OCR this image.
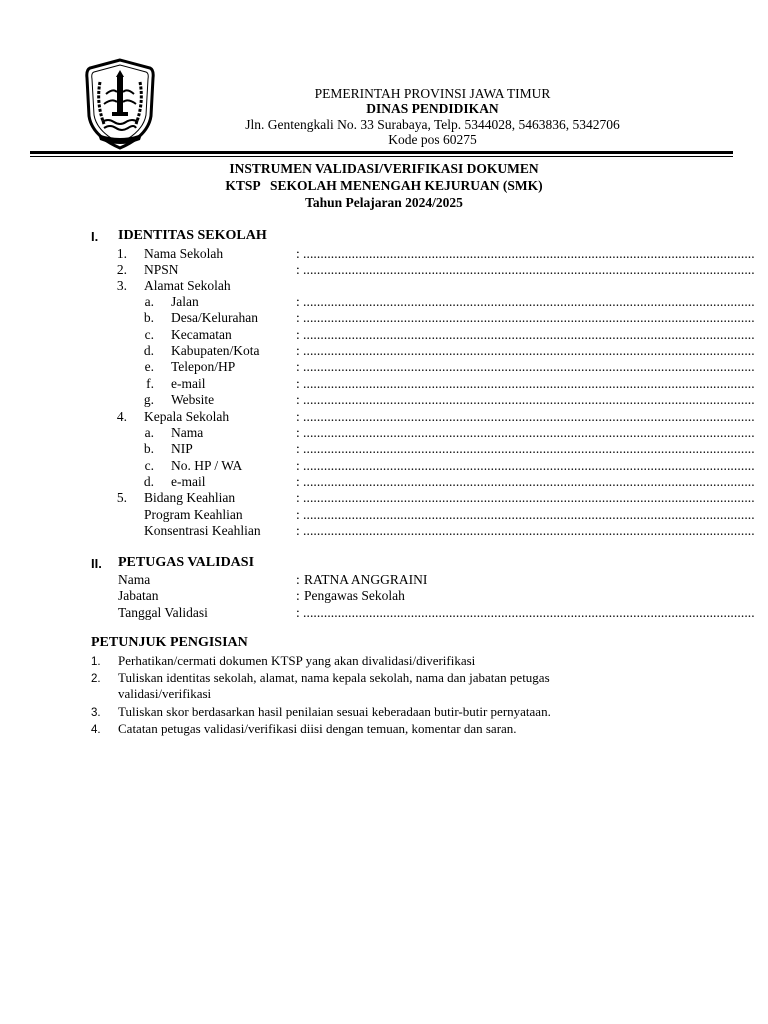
PEMERINTAH PROVINSI JAWA TIMUR
DINAS PENDIDIKAN
Jln. Gentengkali No. 33 Surabaya, Telp. 5344028, 5463836, 5342706
Kode pos 60275
INSTRUMEN VALIDASI/VERIFIKASI DOKUMEN
KTSP   SEKOLAH MENENGAH KEJURUAN (SMK)
Tahun Pelajaran 2024/2025
I. IDENTITAS SEKOLAH
1. Nama Sekolah	: ..................................................................................................................................
2. NPSN	: ..................................................................................................................................
3. Alamat Sekolah
a. Jalan	: ..................................................................................................................................
b. Desa/Kelurahan	: ..................................................................................................................................
c. Kecamatan	: ..................................................................................................................................
d. Kabupaten/Kota	: ..................................................................................................................................
e. Telepon/HP	: ..................................................................................................................................
f. e-mail	: ..................................................................................................................................
g. Website	: ..................................................................................................................................
4. Kepala Sekolah	: ..................................................................................................................................
a. Nama	: ..................................................................................................................................
b. NIP	: ..................................................................................................................................
c. No. HP / WA	: ..................................................................................................................................
d. e-mail	: ..................................................................................................................................
5. Bidang Keahlian	: ..................................................................................................................................
Program Keahlian	: ..................................................................................................................................
Konsentrasi Keahlian	: ..................................................................................................................................
II. PETUGAS VALIDASI
Nama	: RATNA ANGGRAINI
Jabatan	: Pengawas Sekolah
Tanggal Validasi	: ..................................................................................................................................
PETUNJUK PENGISIAN
1. Perhatikan/cermati dokumen KTSP yang akan divalidasi/diverifikasi
2. Tuliskan identitas sekolah, alamat, nama kepala sekolah, nama dan jabatan petugas validasi/verifikasi
3. Tuliskan skor berdasarkan hasil penilaian sesuai keberadaan butir-butir pernyataan.
4. Catatan petugas validasi/verifikasi diisi dengan temuan, komentar dan saran.
